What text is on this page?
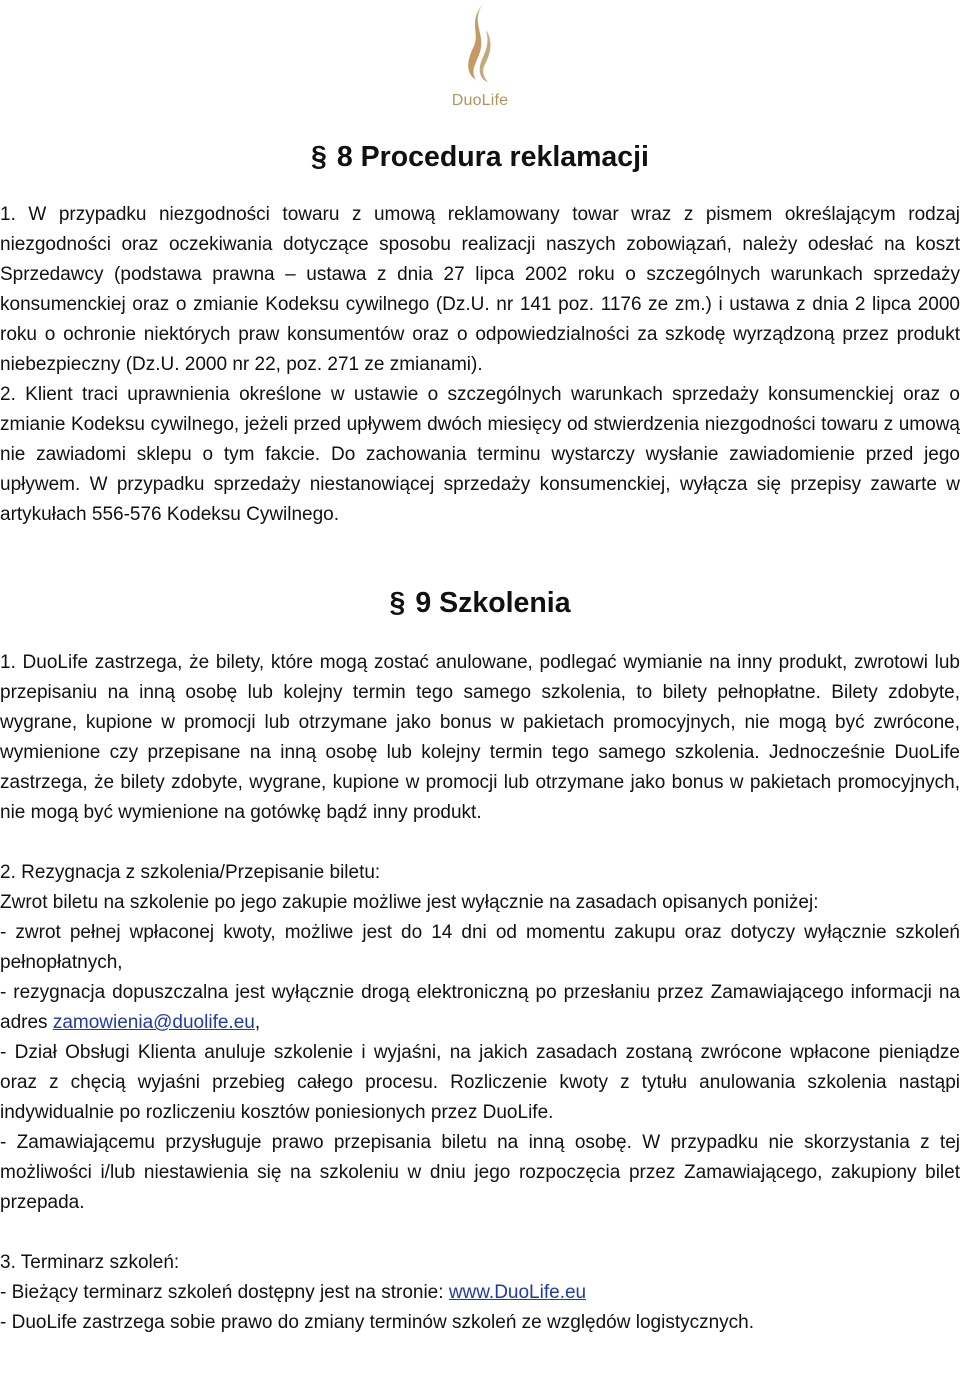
DuoLife
§ 8 Procedura reklamacji

1. W przypadku niezgodności towaru z umową reklamowany towar wraz z pismem określającym rodzaj niezgodności oraz oczekiwania dotyczące sposobu realizacji naszych zobowiązań, należy odesłać na koszt Sprzedawcy (podstawa prawna – ustawa z dnia 27 lipca 2002 roku o szczególnych warunkach sprzedaży konsumenckiej oraz o zmianie Kodeksu cywilnego (Dz.U. nr 141 poz. 1176 ze zm.) i ustawa z dnia 2 lipca 2000 roku o ochronie niektórych praw konsumentów oraz o odpowiedzialności za szkodę wyrządzoną przez produkt niebezpieczny (Dz.U. 2000 nr 22, poz. 271 ze zmianami).

2. Klient traci uprawnienia określone w ustawie o szczególnych warunkach sprzedaży konsumenckiej oraz o zmianie Kodeksu cywilnego, jeżeli przed upływem dwóch miesięcy od stwierdzenia niezgodności towaru z umową nie zawiadomi sklepu o tym fakcie. Do zachowania terminu wystarczy wysłanie zawiadomienie przed jego upływem. W przypadku sprzedaży niestanowiącej sprzedaży konsumenckiej, wyłącza się przepisy zawarte w artykułach 556-576 Kodeksu Cywilnego.

§ 9 Szkolenia

1. DuoLife zastrzega, że bilety, które mogą zostać anulowane, podlegać wymianie na inny produkt, zwrotowi lub przepisaniu na inną osobę lub kolejny termin tego samego szkolenia, to bilety pełnopłatne. Bilety zdobyte, wygrane, kupione w promocji lub otrzymane jako bonus w pakietach promocyjnych, nie mogą być zwrócone, wymienione czy przepisane na inną osobę lub kolejny termin tego samego szkolenia. Jednocześnie DuoLife zastrzega, że bilety zdobyte, wygrane, kupione w promocji lub otrzymane jako bonus w pakietach promocyjnych, nie mogą być wymienione na gotówkę bądź inny produkt.

2. Rezygnacja z szkolenia/Przepisanie biletu:

Zwrot biletu na szkolenie po jego zakupie możliwe jest wyłącznie na zasadach opisanych poniżej:

- zwrot pełnej wpłaconej kwoty, możliwe jest do 14 dni od momentu zakupu oraz dotyczy wyłącznie szkoleń pełnopłatnych,

- rezygnacja dopuszczalna jest wyłącznie drogą elektroniczną po przesłaniu przez Zamawiającego informacji na adres zamowienia@duolife.eu,

- Dział Obsługi Klienta anuluje szkolenie i wyjaśni, na jakich zasadach zostaną zwrócone wpłacone pieniądze oraz z chęcią wyjaśni przebieg całego procesu. Rozliczenie kwoty z tytułu anulowania szkolenia nastąpi indywidualnie po rozliczeniu kosztów poniesionych przez DuoLife.

- Zamawiającemu przysługuje prawo przepisania biletu na inną osobę. W przypadku nie skorzystania z tej możliwości i/lub niestawienia się na szkoleniu w dniu jego rozpoczęcia przez Zamawiającego, zakupiony bilet przepada.

3. Terminarz szkoleń:

- Bieżący terminarz szkoleń dostępny jest na stronie: www.DuoLife.eu

- DuoLife zastrzega sobie prawo do zmiany terminów szkoleń ze względów logistycznych.
